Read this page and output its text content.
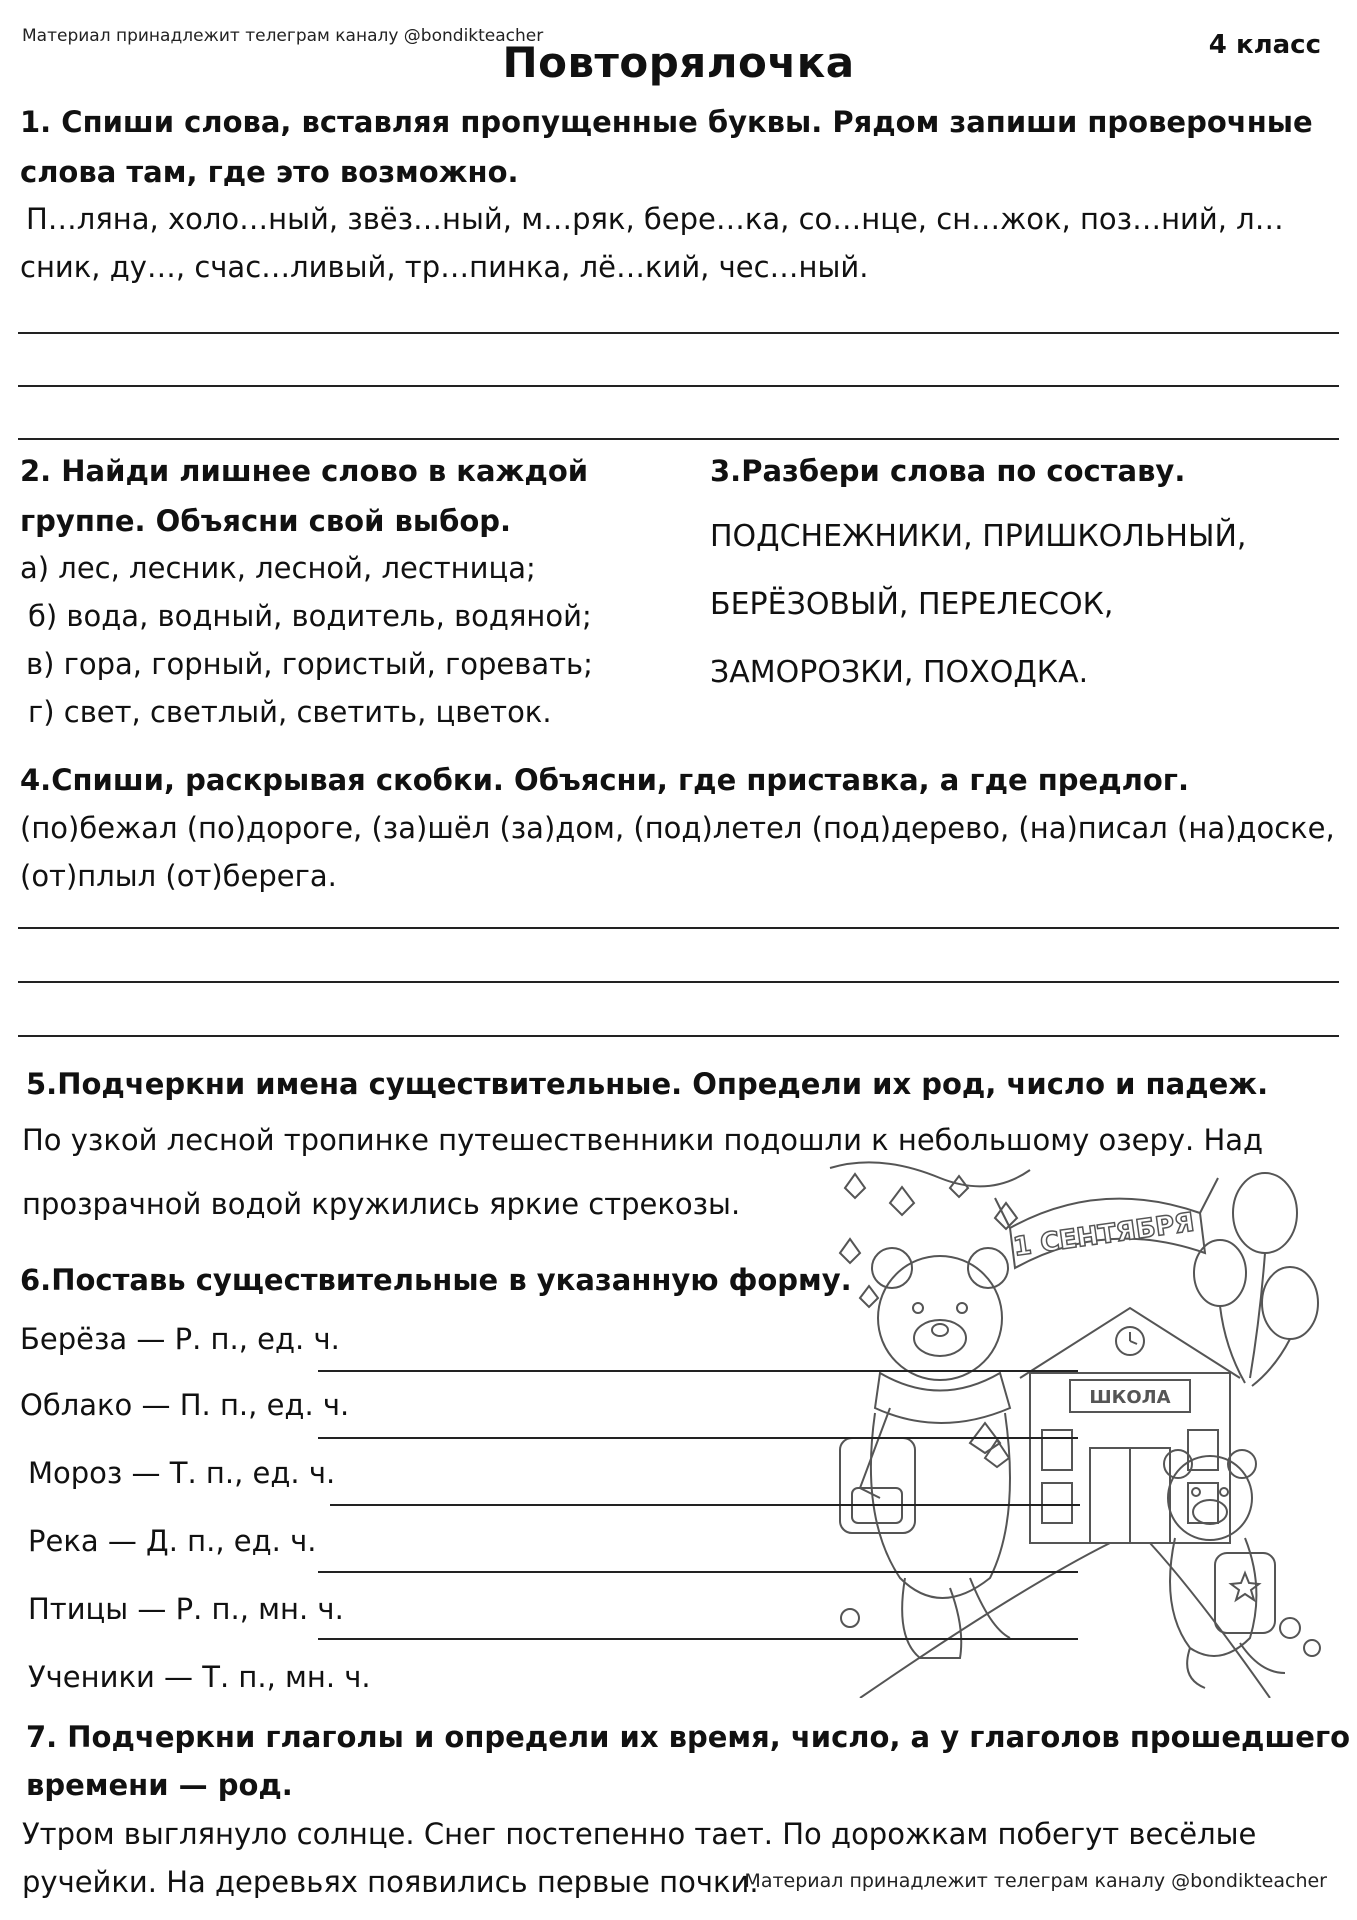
Материал принадлежит телеграм каналу @bondikteacher	4 класс
Повторялочка
1. Спиши слова, вставляя пропущенные буквы. Рядом запиши проверочные слова там, где это возможно.
П…ляна, холо…ный, звёз…ный, м…ряк, бере…ка, со…нце, сн…жок, поз…ний, л…
сник, ду…, счас…ливый, тр…пинка, лё…кий, чес…ный.
2. Найди лишнее слово в каждой
группе. Объясни свой выбор.
а) лес, лесник, лесной, лестница;
б) вода, водный, водитель, водяной;
в) гора, горный, гористый, горевать;
г) свет, светлый, светить, цветок.
3.Разбери слова по составу.
ПОДСНЕЖНИКИ, ПРИШКОЛЬНЫЙ,
БЕРЁЗОВЫЙ, ПЕРЕЛЕСОК,
ЗАМОРОЗКИ, ПОХОДКА.
4.Спиши, раскрывая скобки. Объясни, где приставка, а где предлог.
(по)бежал (по)дороге, (за)шёл (за)дом, (под)летел (под)дерево, (на)писал (на)доске,
(от)плыл (от)берега.
5.Подчеркни имена существительные. Определи их род, число и падеж.
По узкой лесной тропинке путешественники подошли к небольшому озеру. Над
прозрачной водой кружились яркие стрекозы.
1 СЕНТЯБРЯ
ШКОЛА
6.Поставь существительные в указанную форму.
Берёза — Р. п., ед. ч.
Облако — П. п., ед. ч.
Мороз — Т. п., ед. ч.
Река — Д. п., ед. ч.
Птицы — Р. п., мн. ч.
Ученики — Т. п., мн. ч.
7. Подчеркни глаголы и определи их время, число, а у глаголов прошедшего
времени — род.
Утром выглянуло солнце. Снег постепенно тает. По дорожкам побегут весёлые
ручейки. На деревьях появились первые почки.
Материал принадлежит телеграм каналу @bondikteacher
